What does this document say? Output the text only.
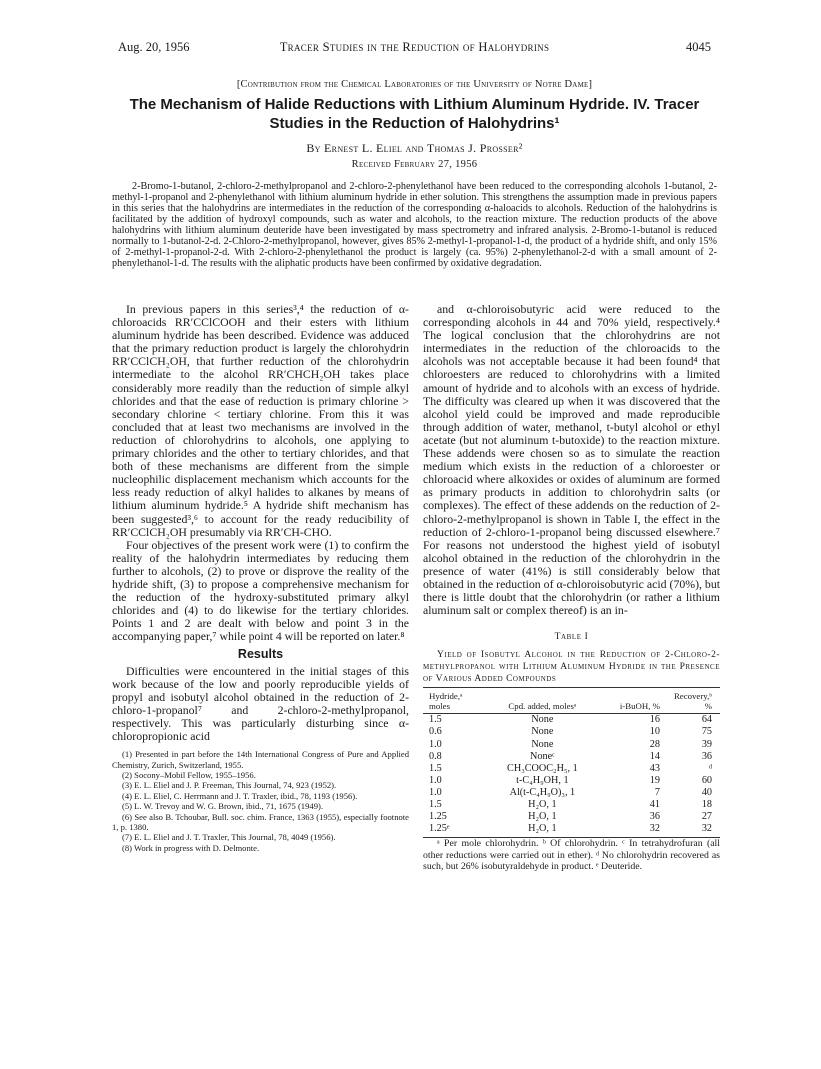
Aug. 20, 1956	Tracer Studies in the Reduction of Halohydrins	4045
[Contribution from the Chemical Laboratories of the University of Notre Dame]
The Mechanism of Halide Reductions with Lithium Aluminum Hydride. IV. Tracer Studies in the Reduction of Halohydrins¹
By Ernest L. Eliel and Thomas J. Prosser²
Received February 27, 1956

2-Bromo-1-butanol, 2-chloro-2-methylpropanol and 2-chloro-2-phenylethanol have been reduced to the corresponding alcohols 1-butanol, 2-methyl-1-propanol and 2-phenylethanol with lithium aluminum hydride in ether solution. This strengthens the assumption made in previous papers in this series that the halohydrins are intermediates in the reduction of the corresponding α-haloacids to alcohols. Reduction of the halohydrins is facilitated by the addition of hydroxyl compounds, such as water and alcohols, to the reaction mixture. The reduction products of the above halohydrins with lithium aluminum deuteride have been investigated by mass spectrometry and infrared analysis. 2-Bromo-1-butanol is reduced normally to 1-butanol-2-d. 2-Chloro-2-methylpropanol, however, gives 85% 2-methyl-1-propanol-1-d, the product of a hydride shift, and only 15% of 2-methyl-1-propanol-2-d. With 2-chloro-2-phenylethanol the product is largely (ca. 95%) 2-phenylethanol-2-d with a small amount of 2-phenylethanol-1-d. The results with the aliphatic products have been confirmed by oxidative degradation.

In previous papers in this series³,⁴ the reduction of α-chloroacids RR′CClCOOH and their esters with lithium aluminum hydride has been described. Evidence was adduced that the primary reduction product is largely the chlorohydrin RR′CClCH₂OH, that further reduction of the chlorohydrin intermediate to the alcohol RR′CHCH₂OH takes place considerably more readily than the reduction of simple alkyl chlorides and that the ease of reduction is primary chlorine > secondary chlorine < tertiary chlorine. From this it was concluded that at least two mechanisms are involved in the reduction of chlorohydrins to alcohols, one applying to primary chlorides and the other to tertiary chlorides, and that both of these mechanisms are different from the simple nucleophilic displacement mechanism which accounts for the less ready reduction of alkyl halides to alkanes by means of lithium aluminum hydride.⁵ A hydride shift mechanism has been suggested³,⁶ to account for the ready reducibility of RR′CClCH₂OH presumably via RR′CH-CHO.

Four objectives of the present work were (1) to confirm the reality of the halohydrin intermediates by reducing them further to alcohols, (2) to prove or disprove the reality of the hydride shift, (3) to propose a comprehensive mechanism for the reduction of the hydroxy-substituted primary alkyl chlorides and (4) to do likewise for the tertiary chlorides. Points 1 and 2 are dealt with below and point 3 in the accompanying paper,⁷ while point 4 will be reported on later.⁸

Results

Difficulties were encountered in the initial stages of this work because of the low and poorly reproducible yields of propyl and isobutyl alcohol obtained in the reduction of 2-chloro-1-propanol⁷ and 2-chloro-2-methylpropanol, respectively. This was particularly disturbing since α-chloropropionic acid

(1) Presented in part before the 14th International Congress of Pure and Applied Chemistry, Zurich, Switzerland, 1955.

(2) Socony–Mobil Fellow, 1955–1956.

(3) E. L. Eliel and J. P. Freeman, This Journal, 74, 923 (1952).

(4) E. L. Eliel, C. Herrmann and J. T. Traxler, ibid., 78, 1193 (1956).

(5) L. W. Trevoy and W. G. Brown, ibid., 71, 1675 (1949).

(6) See also B. Tchoubar, Bull. soc. chim. France, 1363 (1955), especially footnote 1, p. 1380.

(7) E. L. Eliel and J. T. Traxler, This Journal, 78, 4049 (1956).

(8) Work in progress with D. Delmonte.

and α-chloroisobutyric acid were reduced to the corresponding alcohols in 44 and 70% yield, respectively.⁴ The logical conclusion that the chlorohydrins are not intermediates in the reduction of the chloroacids to the alcohols was not acceptable because it had been found⁴ that chloroesters are reduced to chlorohydrins with a limited amount of hydride and to alcohols with an excess of hydride. The difficulty was cleared up when it was discovered that the alcohol yield could be improved and made reproducible through addition of water, methanol, t-butyl alcohol or ethyl acetate (but not aluminum t-butoxide) to the reaction mixture. These addends were chosen so as to simulate the reaction medium which exists in the reduction of a chloroester or chloroacid where alkoxides or oxides of aluminum are formed as primary products in addition to chlorohydrin salts (or complexes). The effect of these addends on the reduction of 2-chloro-2-methylpropanol is shown in Table I, the effect in the reduction of 2-chloro-1-propanol being discussed elsewhere.⁷ For reasons not understood the highest yield of isobutyl alcohol obtained in the reduction of the chlorohydrin in the presence of water (41%) is still considerably below that obtained in the reduction of α-chloroisobutyric acid (70%), but there is little doubt that the chlorohydrin (or rather a lithium aluminum salt or complex thereof) is an in-

Table I

Yield of Isobutyl Alcohol in the Reduction of 2-Chloro-2-methylpropanol with Lithium Aluminum Hydride in the Presence of Various Added Compounds

Hydride,ᵃ moles	Cpd. added, molesᵃ	i-BuOH, %	Recovery,ᵇ %
1.5	None	16	64
0.6	None	10	75
1.0	None	28	39
0.8	Noneᶜ	14	36
1.5	CH₃COOC₂H₅, 1	43	ᵈ
1.0	t-C₄H₉OH, 1	19	60
1.0	Al(t-C₄H₉O)₃, 1	7	40
1.5	H₂O, 1	41	18
1.25	H₂O, 1	36	27
1.25ᵉ	H₂O, 1	32	32

ᵃ Per mole chlorohydrin. ᵇ Of chlorohydrin. ᶜ In tetrahydrofuran (all other reductions were carried out in ether). ᵈ No chlorohydrin recovered as such, but 26% isobutyraldehyde in product. ᵉ Deuteride.
